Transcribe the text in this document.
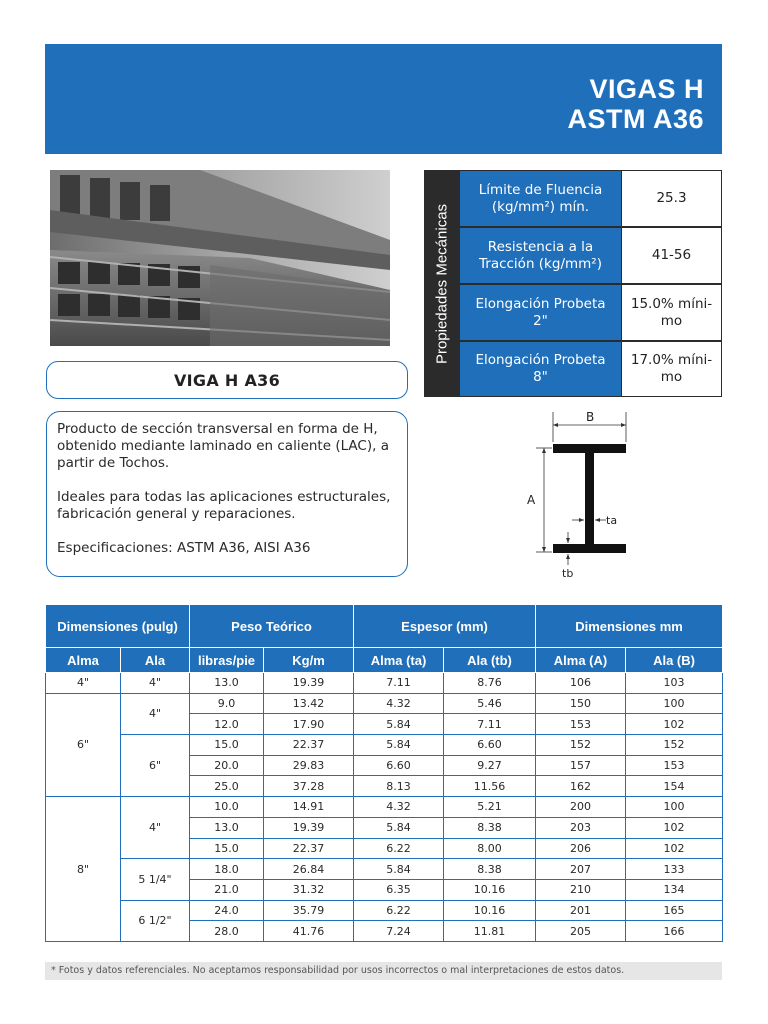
VIGAS H
ASTM A36
Propiedades Mecánicas
Límite de Fluencia (kg/mm²) mín.
25.3
Resistencia a la Tracción (kg/mm²)
41-56
Elongación Probeta 2"
15.0% míni-mo
Elongación Probeta 8"
17.0% míni-mo
VIGA H A36

Producto de sección transversal en forma de H, obtenido mediante laminado en caliente (LAC), a partir de Tochos.

Ideales para todas las aplicaciones estructurales, fabricación general y reparaciones.

Especificaciones: ASTM A36, AISI A36

B
A
ta
tb
Dimensiones (pulg)		Peso Teórico		Espesor (mm)		Dimensiones mm	
Alma	Ala	libras/pie	Kg/m	Alma (ta)	Ala (tb)	Alma (A)	Ala (B)
4"	4"	13.0	19.39	7.11	8.76	106	103
6"	4"	9.0	13.42	4.32	5.46	150	100
		12.0	17.90	5.84	7.11	153	102
	6"	15.0	22.37	5.84	6.60	152	152
		20.0	29.83	6.60	9.27	157	153
		25.0	37.28	8.13	11.56	162	154
8"	4"	10.0	14.91	4.32	5.21	200	100
		13.0	19.39	5.84	8.38	203	102
		15.0	22.37	6.22	8.00	206	102
	5 1/4"	18.0	26.84	5.84	8.38	207	133
		21.0	31.32	6.35	10.16	210	134
	6 1/2"	24.0	35.79	6.22	10.16	201	165
		28.0	41.76	7.24	11.81	205	166
* Fotos y datos referenciales. No aceptamos responsabilidad por usos incorrectos o mal interpretaciones de estos datos.
